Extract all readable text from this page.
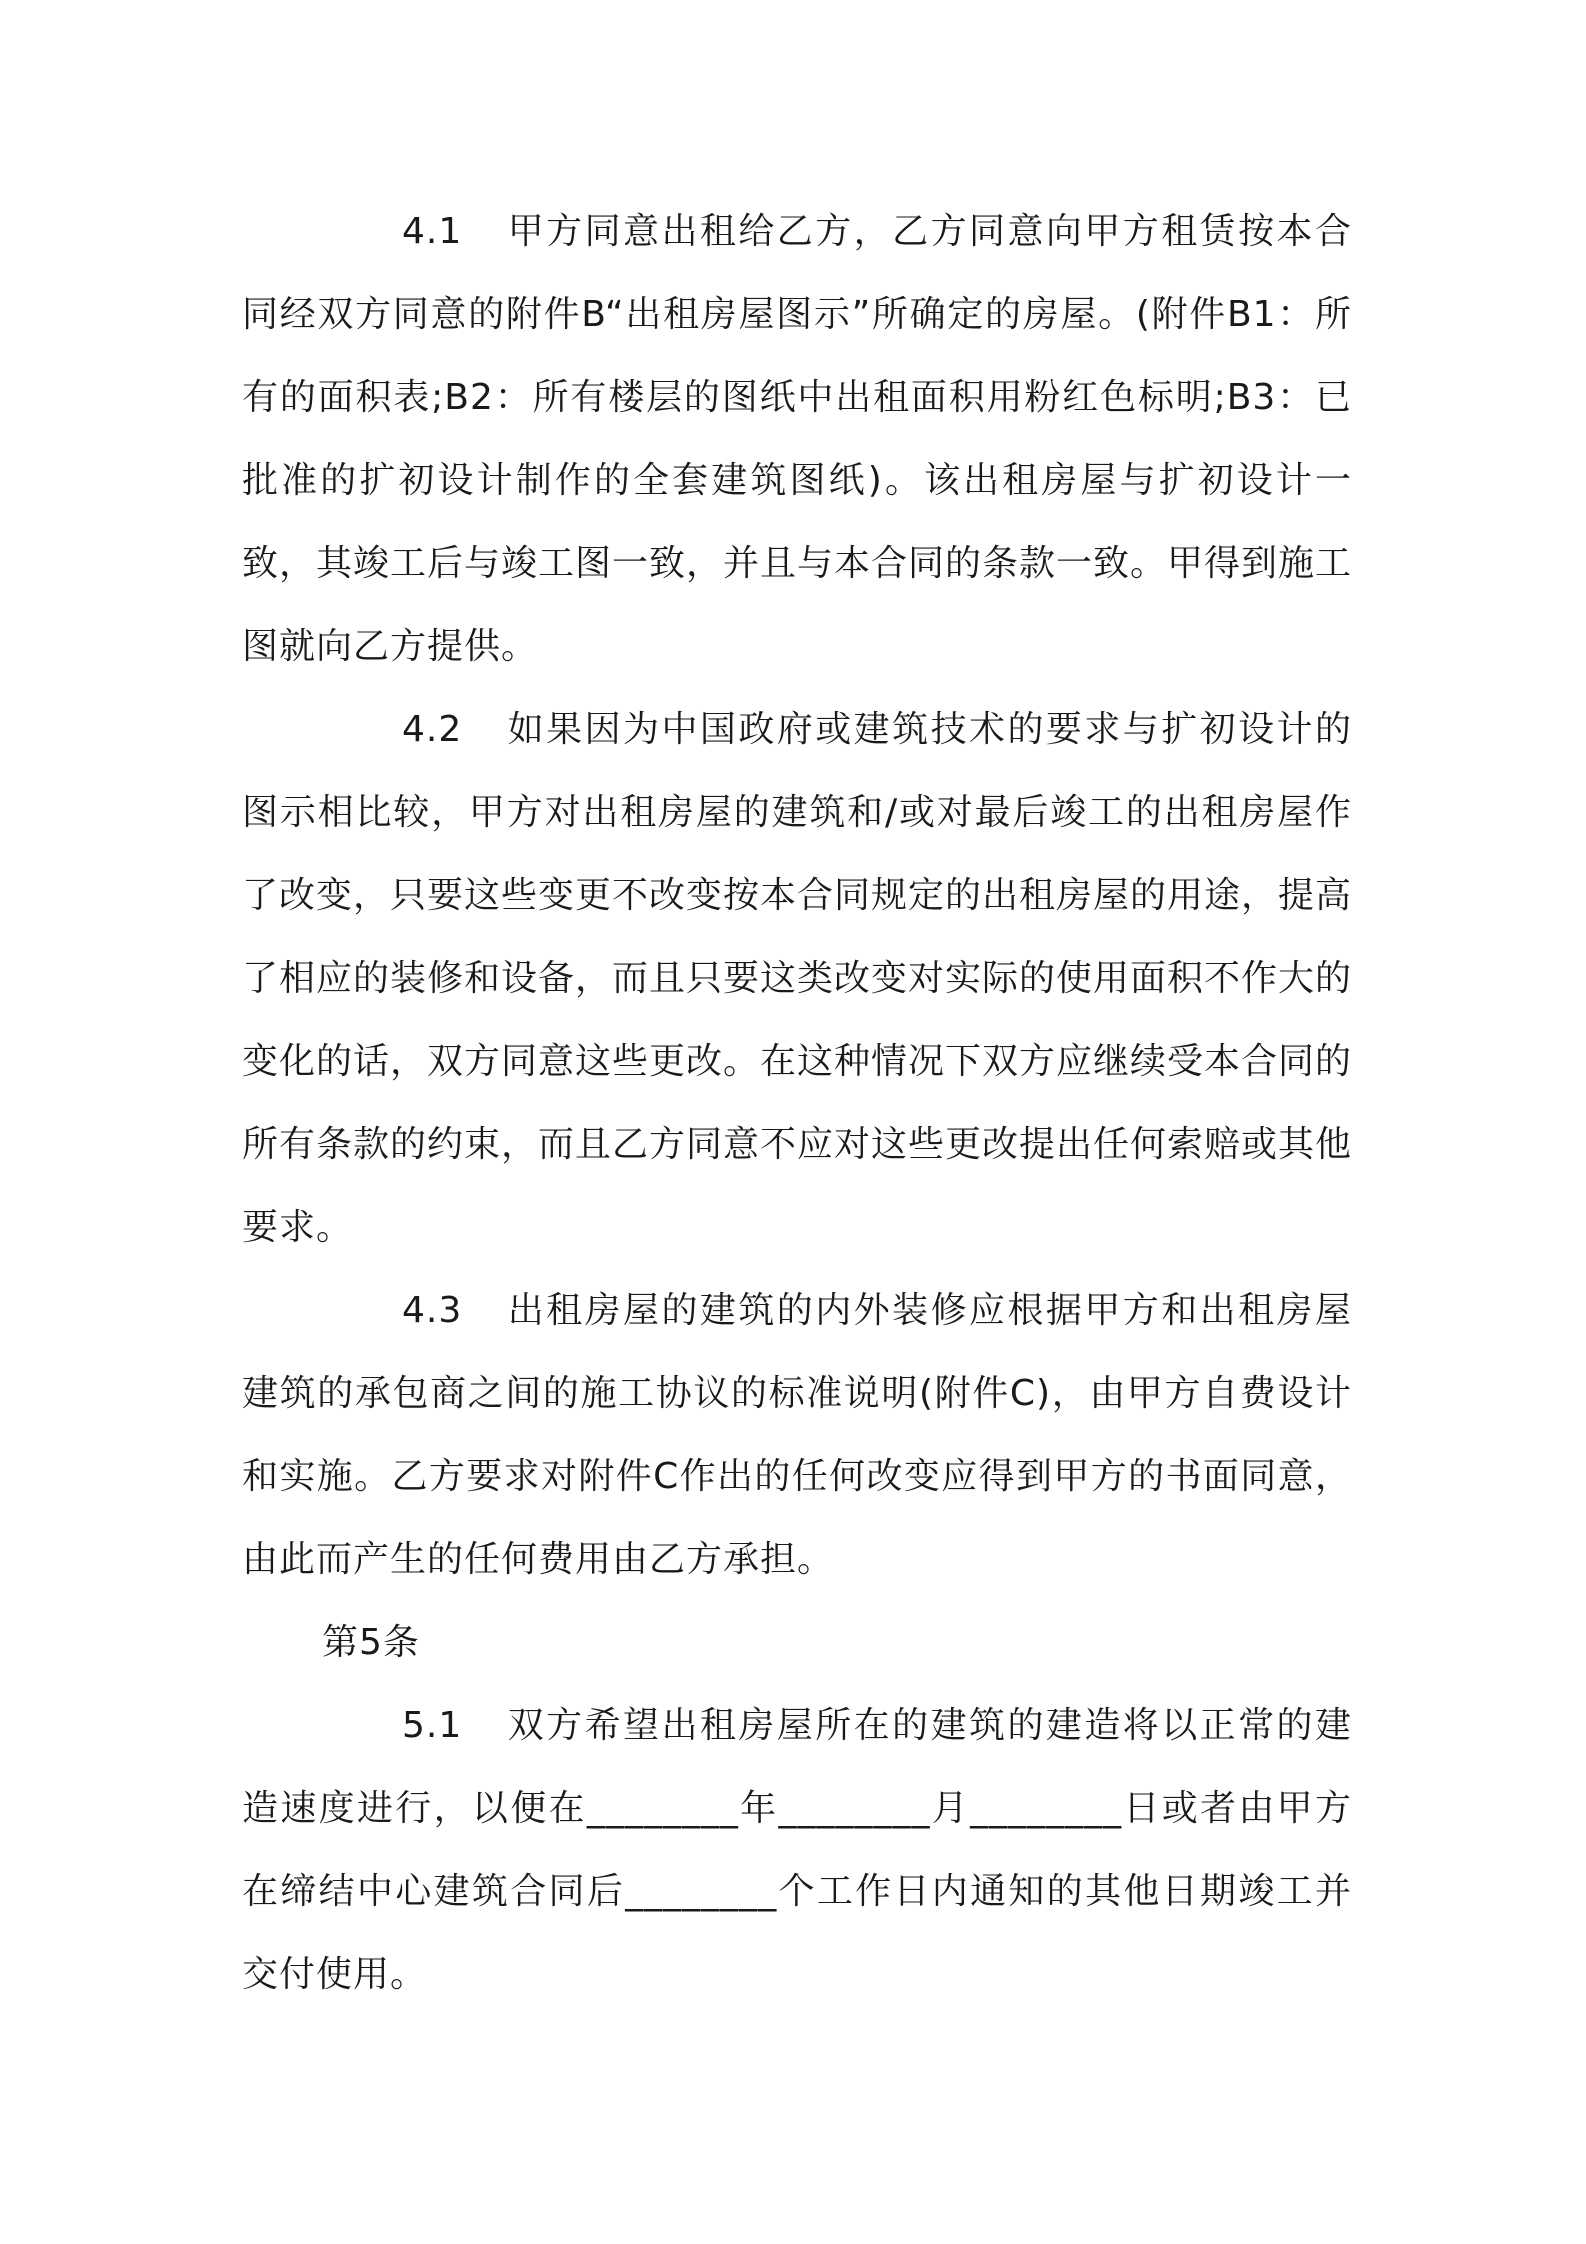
4.1 甲方同意出租给乙方，乙方同意向甲方租赁按本合同经双方同意的附件B“出租房屋图示”所确定的房屋。(附件B1：所有的面积表;B2：所有楼层的图纸中出租面积用粉红色标明;B3：已批准的扩初设计制作的全套建筑图纸)。该出租房屋与扩初设计一致，其竣工后与竣工图一致，并且与本合同的条款一致。甲得到施工图就向乙方提供。

4.2 如果因为中国政府或建筑技术的要求与扩初设计的图示相比较，甲方对出租房屋的建筑和/或对最后竣工的出租房屋作了改变，只要这些变更不改变按本合同规定的出租房屋的用途，提高了相应的装修和设备，而且只要这类改变对实际的使用面积不作大的变化的话，双方同意这些更改。在这种情况下双方应继续受本合同的所有条款的约束，而且乙方同意不应对这些更改提出任何索赔或其他要求。

4.3 出租房屋的建筑的内外装修应根据甲方和出租房屋建筑的承包商之间的施工协议的标准说明(附件C)，由甲方自费设计和实施。乙方要求对附件C作出的任何改变应得到甲方的书面同意，由此而产生的任何费用由乙方承担。

第5条

5.1 双方希望出租房屋所在的建筑的建造将以正常的建造速度进行，以便在________年________月________日或者由甲方在缔结中心建筑合同后________个工作日内通知的其他日期竣工并交付使用。
